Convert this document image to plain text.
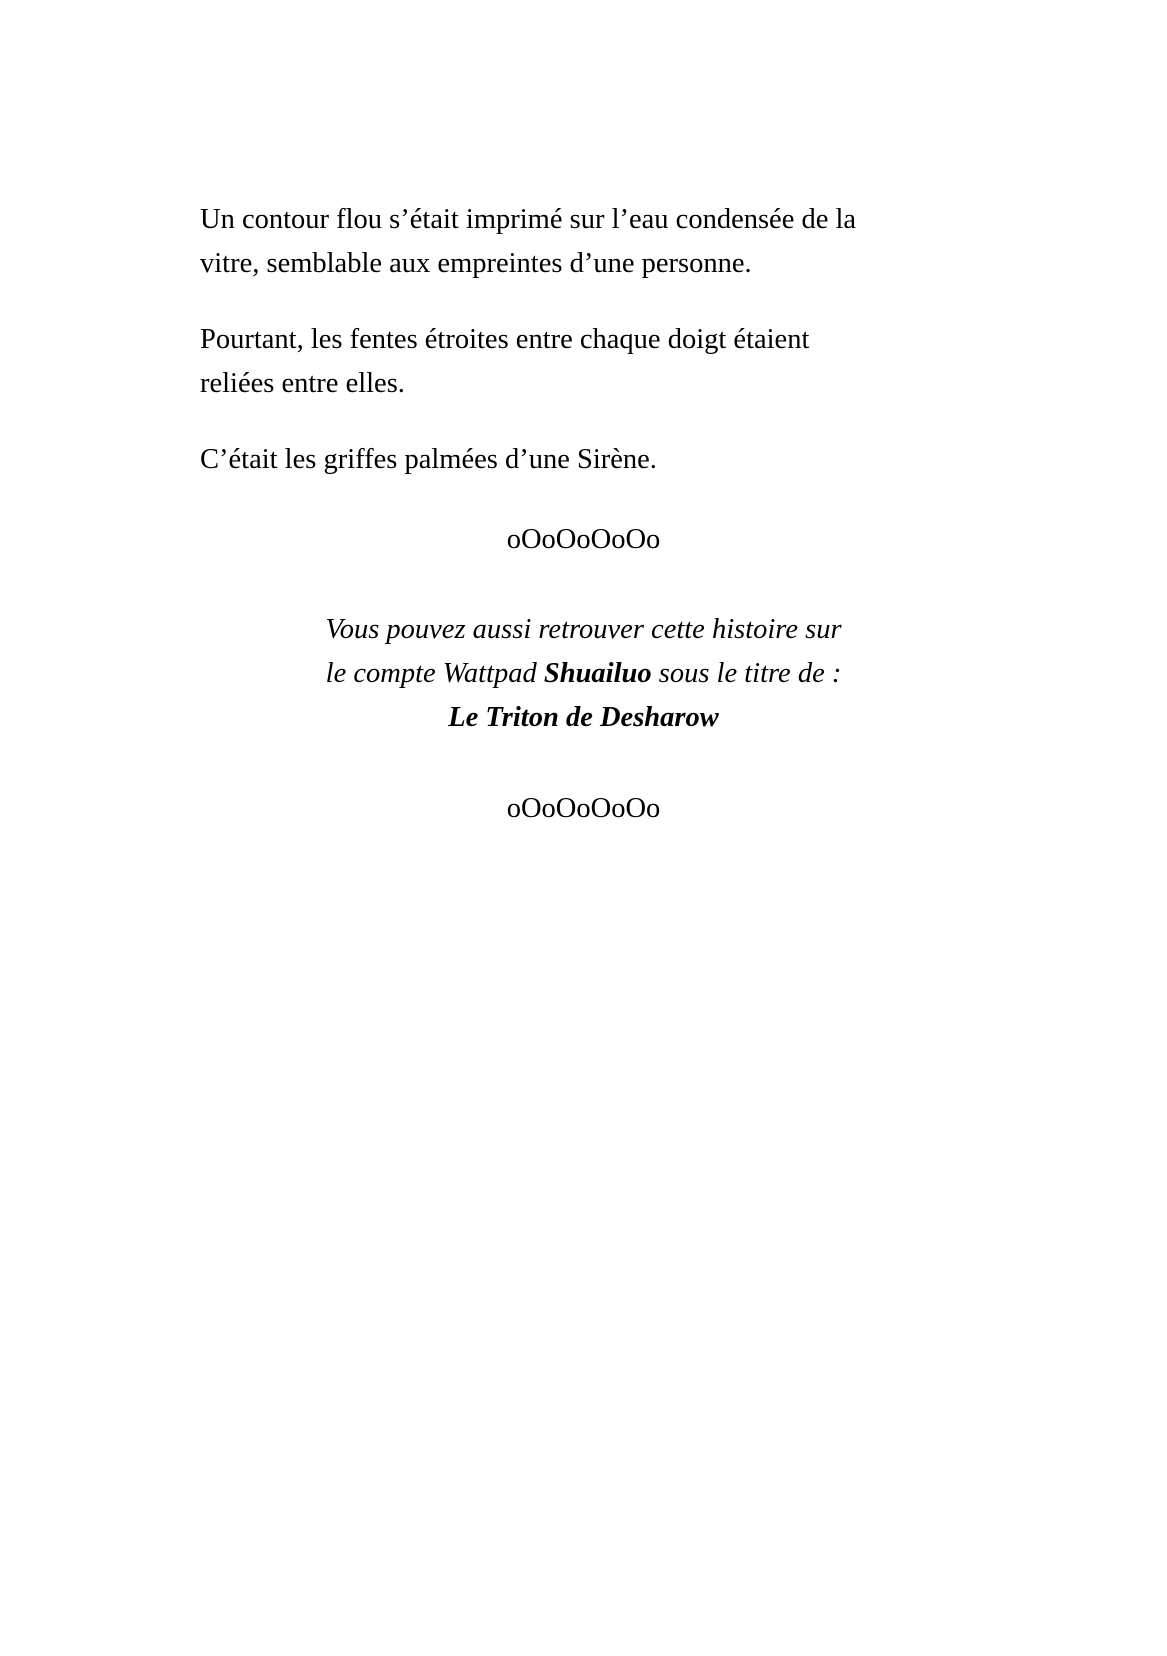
Un contour flou s’était imprimé sur l’eau condensée de la
vitre, semblable aux empreintes d’une personne.

Pourtant, les fentes étroites entre chaque doigt étaient
reliées entre elles.

C’était les griffes palmées d’une Sirène.

oOoOoOoOo

Vous pouvez aussi retrouver cette histoire sur
le compte Wattpad Shuailuo sous le titre de :
Le Triton de Desharow

oOoOoOoOo
